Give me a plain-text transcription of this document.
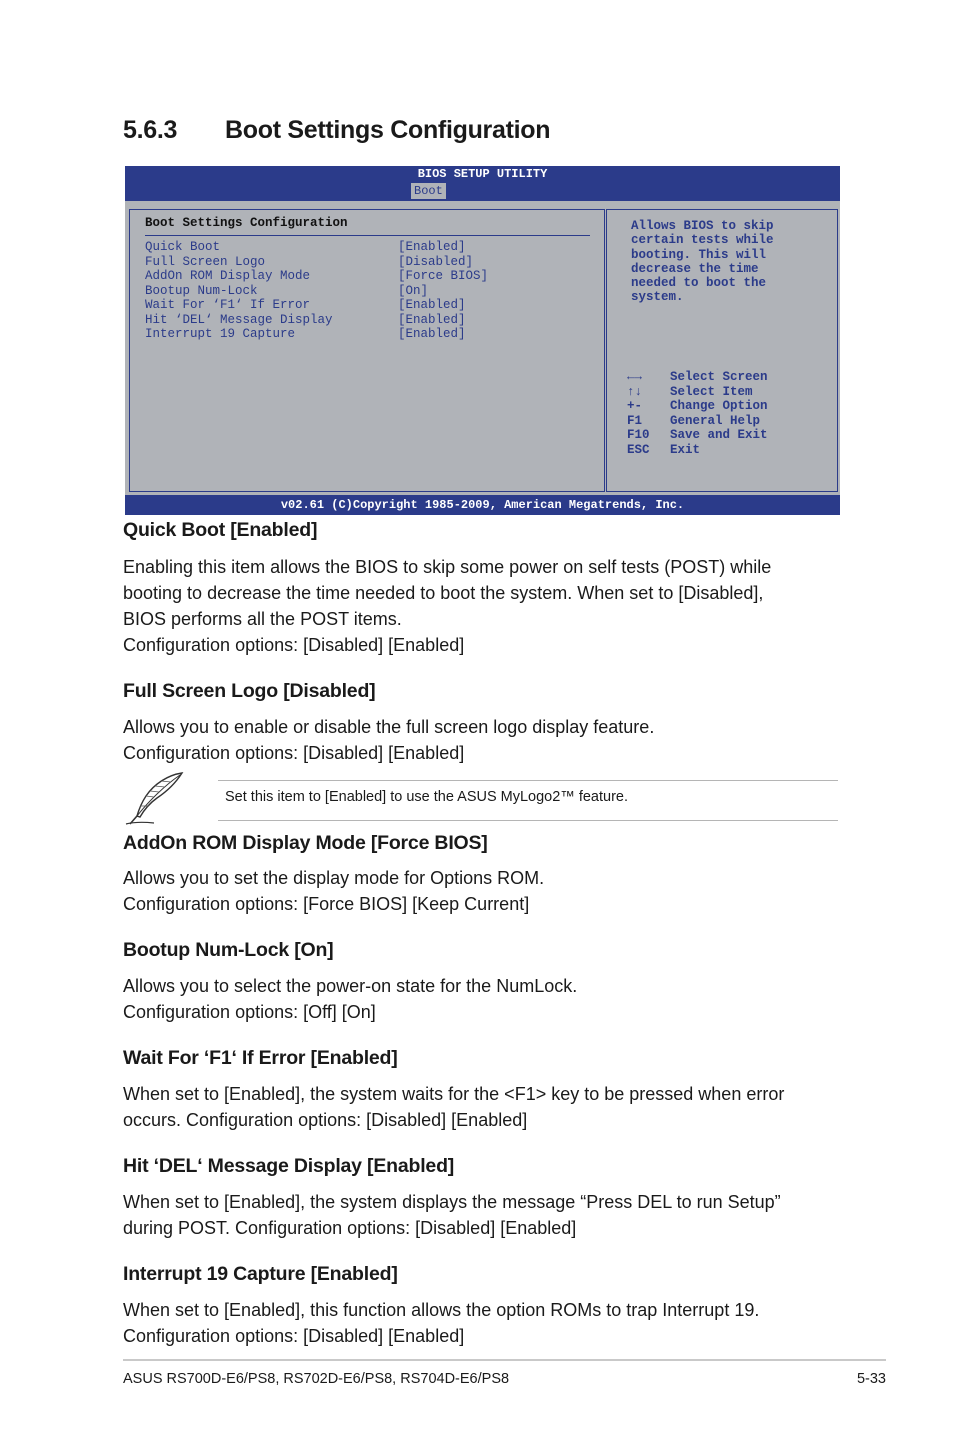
5.6.3 Boot Settings Configuration
BIOS SETUP UTILITY
Boot
Boot Settings Configuration
Quick Boot	[Enabled]
Full Screen Logo	[Disabled]
AddOn ROM Display Mode	[Force BIOS]
Bootup Num-Lock	[On]
Wait For ‘F1‘ If Error	[Enabled]
Hit ‘DEL‘ Message Display	[Enabled]
Interrupt 19 Capture	[Enabled]
Allows BIOS to skip
certain tests while
booting. This will
decrease the time
needed to boot the
system.
←→ Select Screen
↑↓ Select Item
+- Change Option
F1 General Help
F10 Save and Exit
ESC Exit
v02.61 (C)Copyright 1985-2009, American Megatrends, Inc.
Quick Boot [Enabled]
Enabling this item allows the BIOS to skip some power on self tests (POST) while
booting to decrease the time needed to boot the system. When set to [Disabled],
BIOS performs all the POST items.
Configuration options: [Disabled] [Enabled]
Full Screen Logo [Disabled]
Allows you to enable or disable the full screen logo display feature.
Configuration options: [Disabled] [Enabled]
Set this item to [Enabled] to use the ASUS MyLogo2™ feature.
AddOn ROM Display Mode [Force BIOS]
Allows you to set the display mode for Options ROM.
Configuration options: [Force BIOS] [Keep Current]
Bootup Num-Lock [On]
Allows you to select the power-on state for the NumLock.
Configuration options: [Off] [On]
Wait For ‘F1‘ If Error [Enabled]
When set to [Enabled], the system waits for the <F1> key to be pressed when error
occurs. Configuration options: [Disabled] [Enabled]
Hit ‘DEL‘ Message Display [Enabled]
When set to [Enabled], the system displays the message “Press DEL to run Setup”
during POST. Configuration options: [Disabled] [Enabled]
Interrupt 19 Capture [Enabled]
When set to [Enabled], this function allows the option ROMs to trap Interrupt 19.
Configuration options: [Disabled] [Enabled]
ASUS RS700D-E6/PS8, RS702D-E6/PS8, RS704D-E6/PS8	5-33
